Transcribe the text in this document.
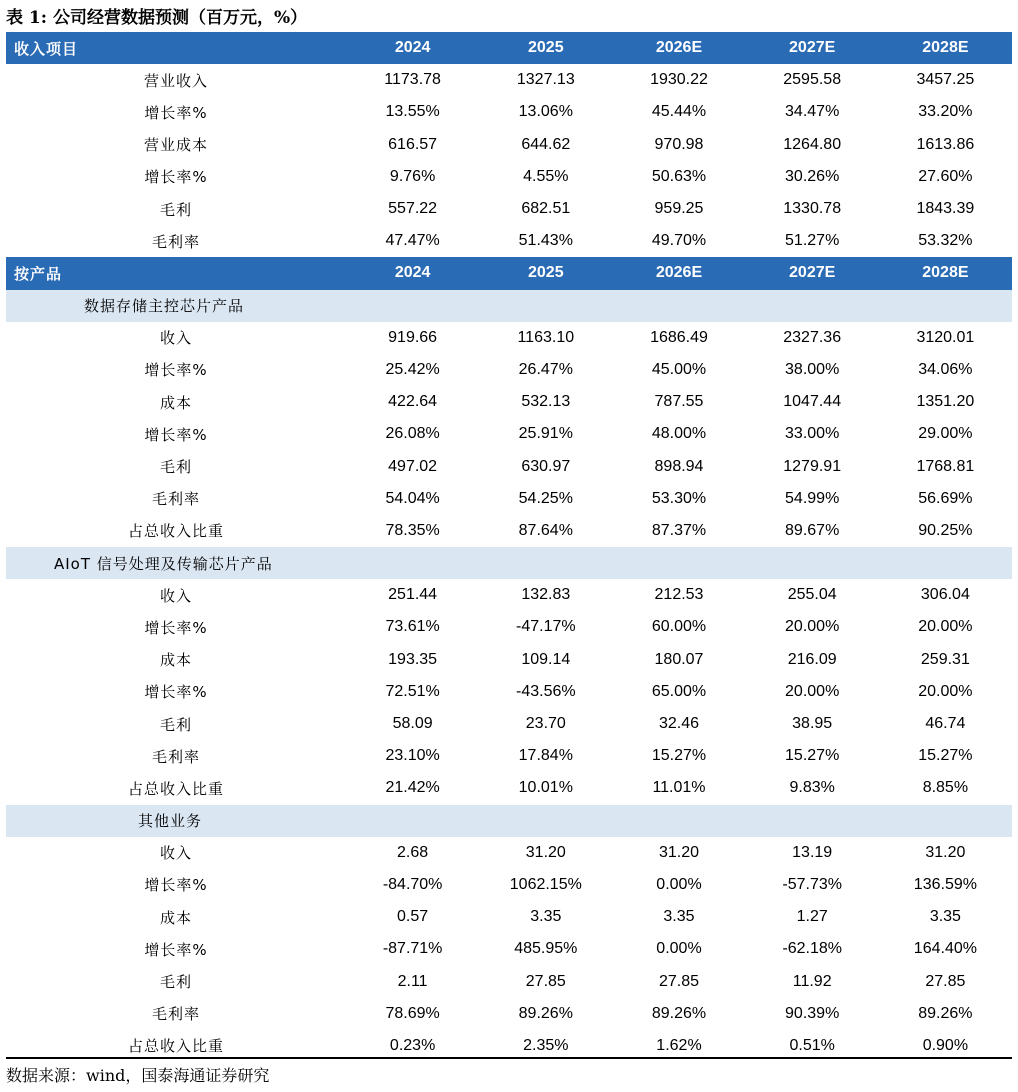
表 1: 公司经营数据预测（百万元，%）
收入项目	2024	2025	2026E	2027E	2028E
营业收入	1173.78	1327.13	1930.22	2595.58	3457.25
增长率%	13.55%	13.06%	45.44%	34.47%	33.20%
营业成本	616.57	644.62	970.98	1264.80	1613.86
增长率%	9.76%	4.55%	50.63%	30.26%	27.60%
毛利	557.22	682.51	959.25	1330.78	1843.39
毛利率	47.47%	51.43%	49.70%	51.27%	53.32%
按产品	2024	2025	2026E	2027E	2028E
数据存储主控芯片产品					
收入	919.66	1163.10	1686.49	2327.36	3120.01
增长率%	25.42%	26.47%	45.00%	38.00%	34.06%
成本	422.64	532.13	787.55	1047.44	1351.20
增长率%	26.08%	25.91%	48.00%	33.00%	29.00%
毛利	497.02	630.97	898.94	1279.91	1768.81
毛利率	54.04%	54.25%	53.30%	54.99%	56.69%
占总收入比重	78.35%	87.64%	87.37%	89.67%	90.25%
AIoT 信号处理及传输芯片产品					
收入	251.44	132.83	212.53	255.04	306.04
增长率%	73.61%	-47.17%	60.00%	20.00%	20.00%
成本	193.35	109.14	180.07	216.09	259.31
增长率%	72.51%	-43.56%	65.00%	20.00%	20.00%
毛利	58.09	23.70	32.46	38.95	46.74
毛利率	23.10%	17.84%	15.27%	15.27%	15.27%
占总收入比重	21.42%	10.01%	11.01%	9.83%	8.85%
其他业务					
收入	2.68	31.20	31.20	13.19	31.20
增长率%	-84.70%	1062.15%	0.00%	-57.73%	136.59%
成本	0.57	3.35	3.35	1.27	3.35
增长率%	-87.71%	485.95%	0.00%	-62.18%	164.40%
毛利	2.11	27.85	27.85	11.92	27.85
毛利率	78.69%	89.26%	89.26%	90.39%	89.26%
占总收入比重	0.23%	2.35%	1.62%	0.51%	0.90%
数据来源：wind，国泰海通证券研究
